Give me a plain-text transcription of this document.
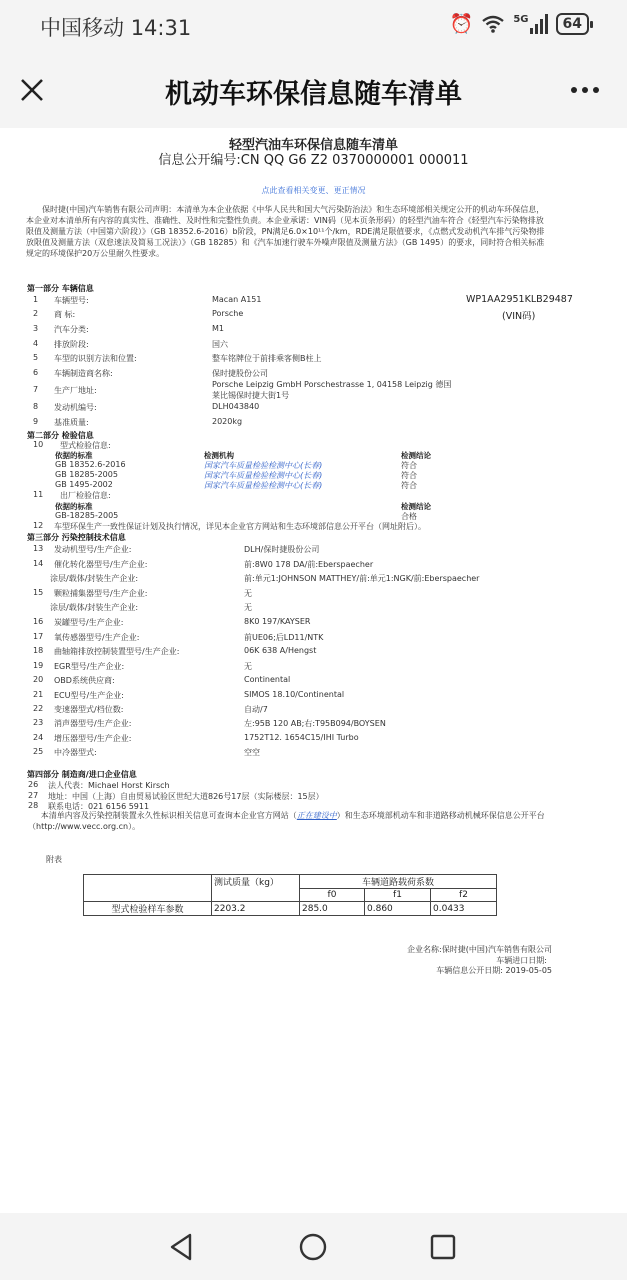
中国移动 14:31	⏰	5G	64
机动车环保信息随车清单
轻型汽油车环保信息随车清单
信息公开编号:CN QQ G6 Z2 0370000001 000011
点此查看相关变更、更正情况
保时捷(中国)汽车销售有限公司声明：本清单为本企业依据《中华人民共和国大气污染防治法》和生态环境部相关规定公开的机动车环保信息，本企业对本清单所有内容的真实性、准确性、及时性和完整性负责。本企业承诺：VIN码（见本页条形码）的轻型汽油车符合《轻型汽车污染物排放限值及测量方法（中国第六阶段）》（GB 18352.6-2016）b阶段，PN满足6.0×10¹¹个/km，RDE满足限值要求，《点燃式发动机汽车排气污染物排放限值及测量方法（双怠速法及简易工况法）》（GB 18285）和《汽车加速行驶车外噪声限值及测量方法》（GB 1495）的要求，同时符合相关标准规定的环境保护20万公里耐久性要求。
WP1AA2951KLB29487
(VIN码)
第一部分 车辆信息
1 车辆型号:	Macan A151
2 商 标:	Porsche
3 汽车分类:	M1
4 排放阶段:	国六
5 车型的识别方法和位置:	整车铭牌位于前排乘客侧B柱上
6 车辆制造商名称:	保时捷股份公司
7 生产厂地址:
Porsche Leipzig GmbH Porschestrasse 1, 04158 Leipzig 德国
莱比锡保时捷大街1号
8 发动机编号:	DLH043840
9 基准质量:	2020kg
第二部分 检验信息
10 型式检验信息:
依据的标准	检测机构	检测结论
GB 18352.6-2016	国家汽车质量检验检测中心(长春)	符合
GB 18285-2005	国家汽车质量检验检测中心(长春)	符合
GB 1495-2002	国家汽车质量检验检测中心(长春)	符合
11 出厂检验信息:
依据的标准	检测结论
GB-18285-2005	合格
12 车型环保生产一致性保证计划及执行情况，详见本企业官方网站和生态环境部信息公开平台（网址附后）。
第三部分 污染控制技术信息
13 发动机型号/生产企业:	DLH/保时捷股份公司
14 催化转化器型号/生产企业:	前:8W0 178 DA/前:Eberspaecher
涂层/载体/封装生产企业:	前:单元1:JOHNSON MATTHEY/前:单元1:NGK/前:Eberspaecher
15 颗粒捕集器型号/生产企业:	无
涂层/载体/封装生产企业:	无
16 炭罐型号/生产企业:	8K0 197/KAYSER
17 氧传感器型号/生产企业:	前UE06;后LD11/NTK
18 曲轴箱排放控制装置型号/生产企业:	06K 638 A/Hengst
19 EGR型号/生产企业:	无
20 OBD系统供应商:	Continental
21 ECU型号/生产企业:	SIMOS 18.10/Continental
22 变速器型式/档位数:	自动/7
23 消声器型号/生产企业:	左:95B 120 AB;右:T95B094/BOYSEN
24 增压器型号/生产企业:	1752T12. 1654C15/IHI Turbo
25 中冷器型式:	空空
第四部分 制造商/进口企业信息
26 法人代表：Michael Horst Kirsch
27 地址：中国（上海）自由贸易试验区世纪大道826号17层（实际楼层：15层）
28 联系电话：021 6156 5911
本清单内容及污染控制装置永久性标识相关信息可查询本企业官方网站（正在建设中）和生态环境部机动车和非道路移动机械环保信息公开平台（http://www.vecc.org.cn）。
附表
	测试质量（kg）	车辆道路载荷系数		
		f0	f1	f2
型式检验样车参数	2203.2	285.0	0.860	0.0433
企业名称:保时捷(中国)汽车销售有限公司
车辆进口日期:
车辆信息公开日期: 2019-05-05
